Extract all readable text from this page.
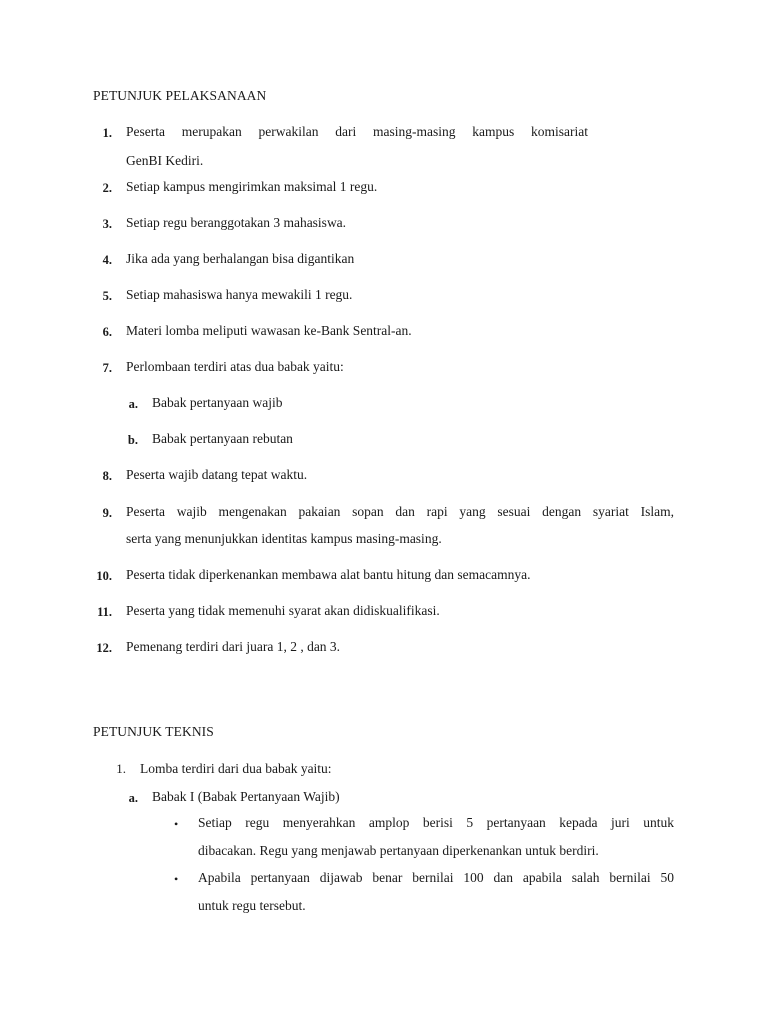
PETUNJUK PELAKSANAAN
1. Peserta merupakan perwakilan dari masing-masing kampus komisariat
GenBI Kediri.
2. Setiap kampus mengirimkan maksimal 1 regu.
3. Setiap regu beranggotakan 3 mahasiswa.
4. Jika ada yang berhalangan bisa digantikan
5. Setiap mahasiswa hanya mewakili 1 regu.
6. Materi lomba meliputi wawasan ke-Bank Sentral-an.
7. Perlombaan terdiri atas dua babak yaitu:
a. Babak pertanyaan wajib
b. Babak pertanyaan rebutan
8. Peserta wajib datang tepat waktu.
9. Peserta wajib mengenakan pakaian sopan dan rapi yang sesuai dengan syariat Islam,
serta yang menunjukkan identitas kampus masing-masing.
10. Peserta tidak diperkenankan membawa alat bantu hitung dan semacamnya.
11. Peserta yang tidak memenuhi syarat akan didiskualifikasi.
12. Pemenang terdiri dari juara 1, 2 , dan 3.
PETUNJUK TEKNIS
1. Lomba terdiri dari dua babak yaitu:
a. Babak I (Babak Pertanyaan Wajib)
• Setiap regu menyerahkan amplop berisi 5 pertanyaan kepada juri untuk
dibacakan. Regu yang menjawab pertanyaan diperkenankan untuk berdiri.
• Apabila pertanyaan dijawab benar bernilai 100 dan apabila salah bernilai 50
untuk regu tersebut.
